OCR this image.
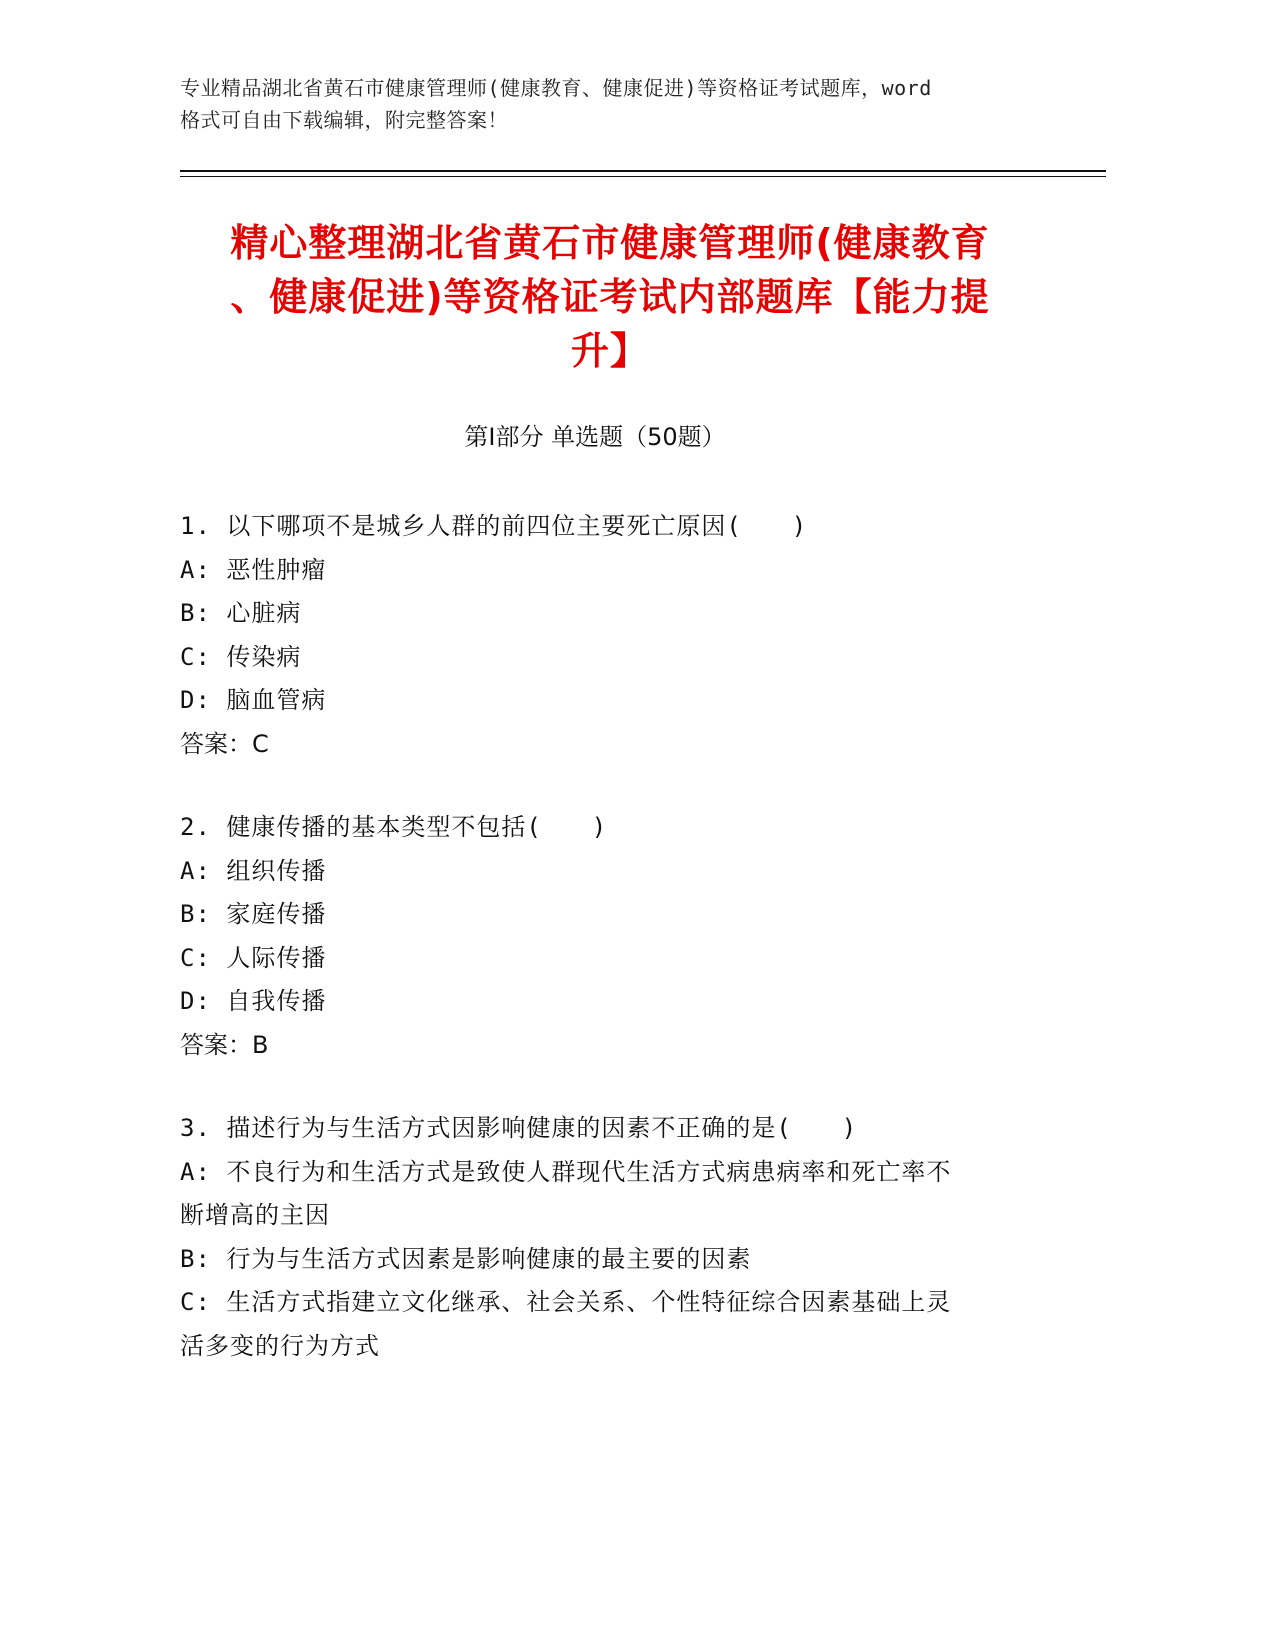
专业精品湖北省黄石市健康管理师(健康教育、健康促进)等资格证考试题库，word
格式可自由下载编辑，附完整答案！
精心整理湖北省黄石市健康管理师(健康教育
、健康促进)等资格证考试内部题库【能力提
升】
第Ⅰ部分 单选题（50题）
1. 以下哪项不是城乡人群的前四位主要死亡原因(　　)
A: 恶性肿瘤
B: 心脏病
C: 传染病
D: 脑血管病
答案：C
2. 健康传播的基本类型不包括(　　)
A: 组织传播
B: 家庭传播
C: 人际传播
D: 自我传播
答案：B
3. 描述行为与生活方式因影响健康的因素不正确的是(　　)
A: 不良行为和生活方式是致使人群现代生活方式病患病率和死亡率不
断增高的主因
B: 行为与生活方式因素是影响健康的最主要的因素
C: 生活方式指建立文化继承、社会关系、个性特征综合因素基础上灵
活多变的行为方式
